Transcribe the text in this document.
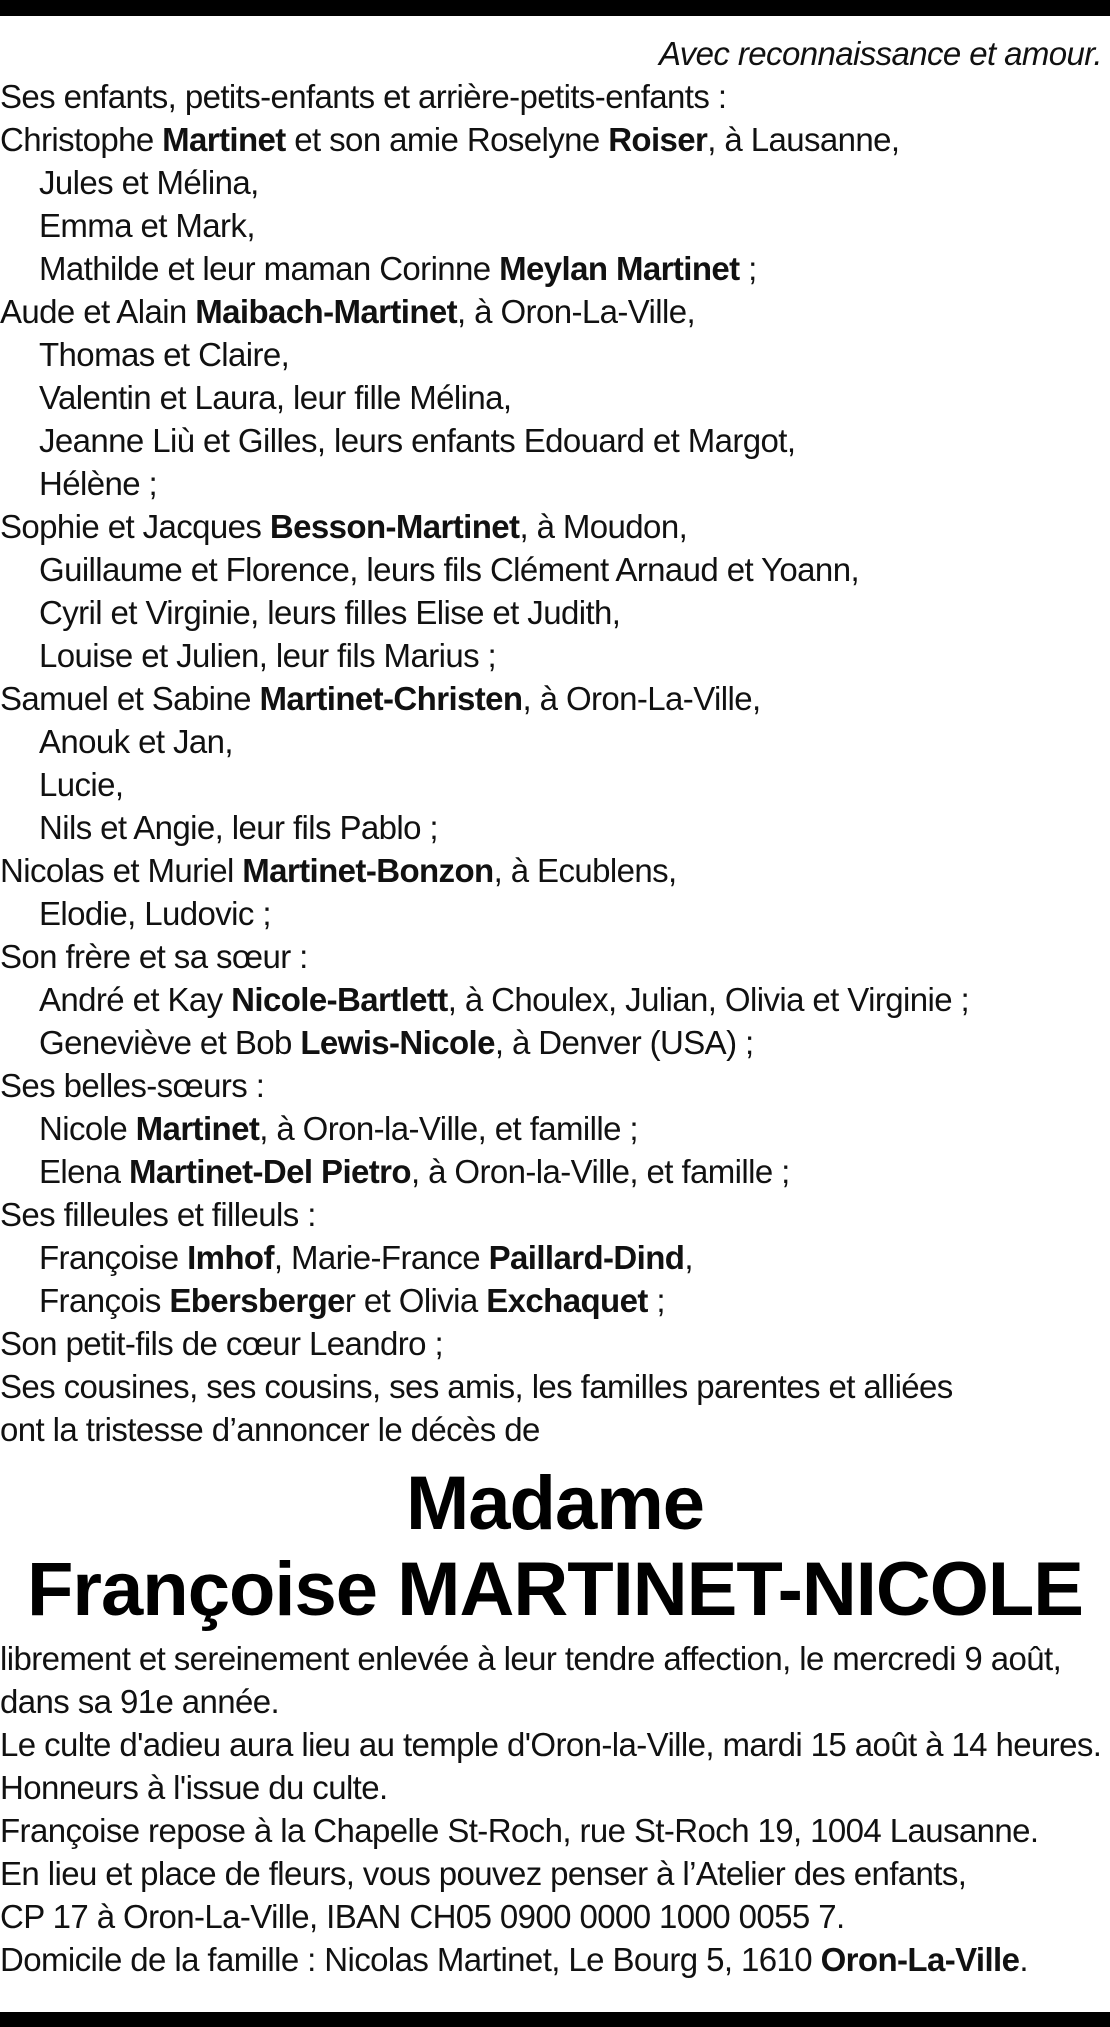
Avec reconnaissance et amour.
Ses enfants, petits-enfants et arrière-petits-enfants :
Christophe Martinet et son amie Roselyne Roiser, à Lausanne,
Jules et Mélina,
Emma et Mark,
Mathilde et leur maman Corinne Meylan Martinet ;
Aude et Alain Maibach-Martinet, à Oron-La-Ville,
Thomas et Claire,
Valentin et Laura, leur fille Mélina,
Jeanne Liù et Gilles, leurs enfants Edouard et Margot,
Hélène ;
Sophie et Jacques Besson-Martinet, à Moudon,
Guillaume et Florence, leurs fils Clément Arnaud et Yoann,
Cyril et Virginie, leurs filles Elise et Judith,
Louise et Julien, leur fils Marius ;
Samuel et Sabine Martinet-Christen, à Oron-La-Ville,
Anouk et Jan,
Lucie,
Nils et Angie, leur fils Pablo ;
Nicolas et Muriel Martinet-Bonzon, à Ecublens,
Elodie, Ludovic ;
Son frère et sa sœur :
André et Kay Nicole-Bartlett, à Choulex, Julian, Olivia et Virginie ;
Geneviève et Bob Lewis-Nicole, à Denver (USA) ;
Ses belles-sœurs :
Nicole Martinet, à Oron-la-Ville, et famille ;
Elena Martinet-Del Pietro, à Oron-la-Ville, et famille ;
Ses filleules et filleuls :
Françoise Imhof, Marie-France Paillard-Dind,
François Ebersberger et Olivia Exchaquet ;
Son petit-fils de cœur Leandro ;
Ses cousines, ses cousins, ses amis, les familles parentes et alliées
ont la tristesse d’annoncer le décès de
Madame
Françoise MARTINET-NICOLE
librement et sereinement enlevée à leur tendre affection, le mercredi 9 août,
dans sa 91e année.
Le culte d'adieu aura lieu au temple d'Oron-la-Ville, mardi 15 août à 14 heures.
Honneurs à l'issue du culte.
Françoise repose à la Chapelle St-Roch, rue St-Roch 19, 1004 Lausanne.
En lieu et place de fleurs, vous pouvez penser à l’Atelier des enfants,
CP 17 à Oron-La-Ville, IBAN CH05 0900 0000 1000 0055 7.
Domicile de la famille : Nicolas Martinet, Le Bourg 5, 1610 Oron-La-Ville.
